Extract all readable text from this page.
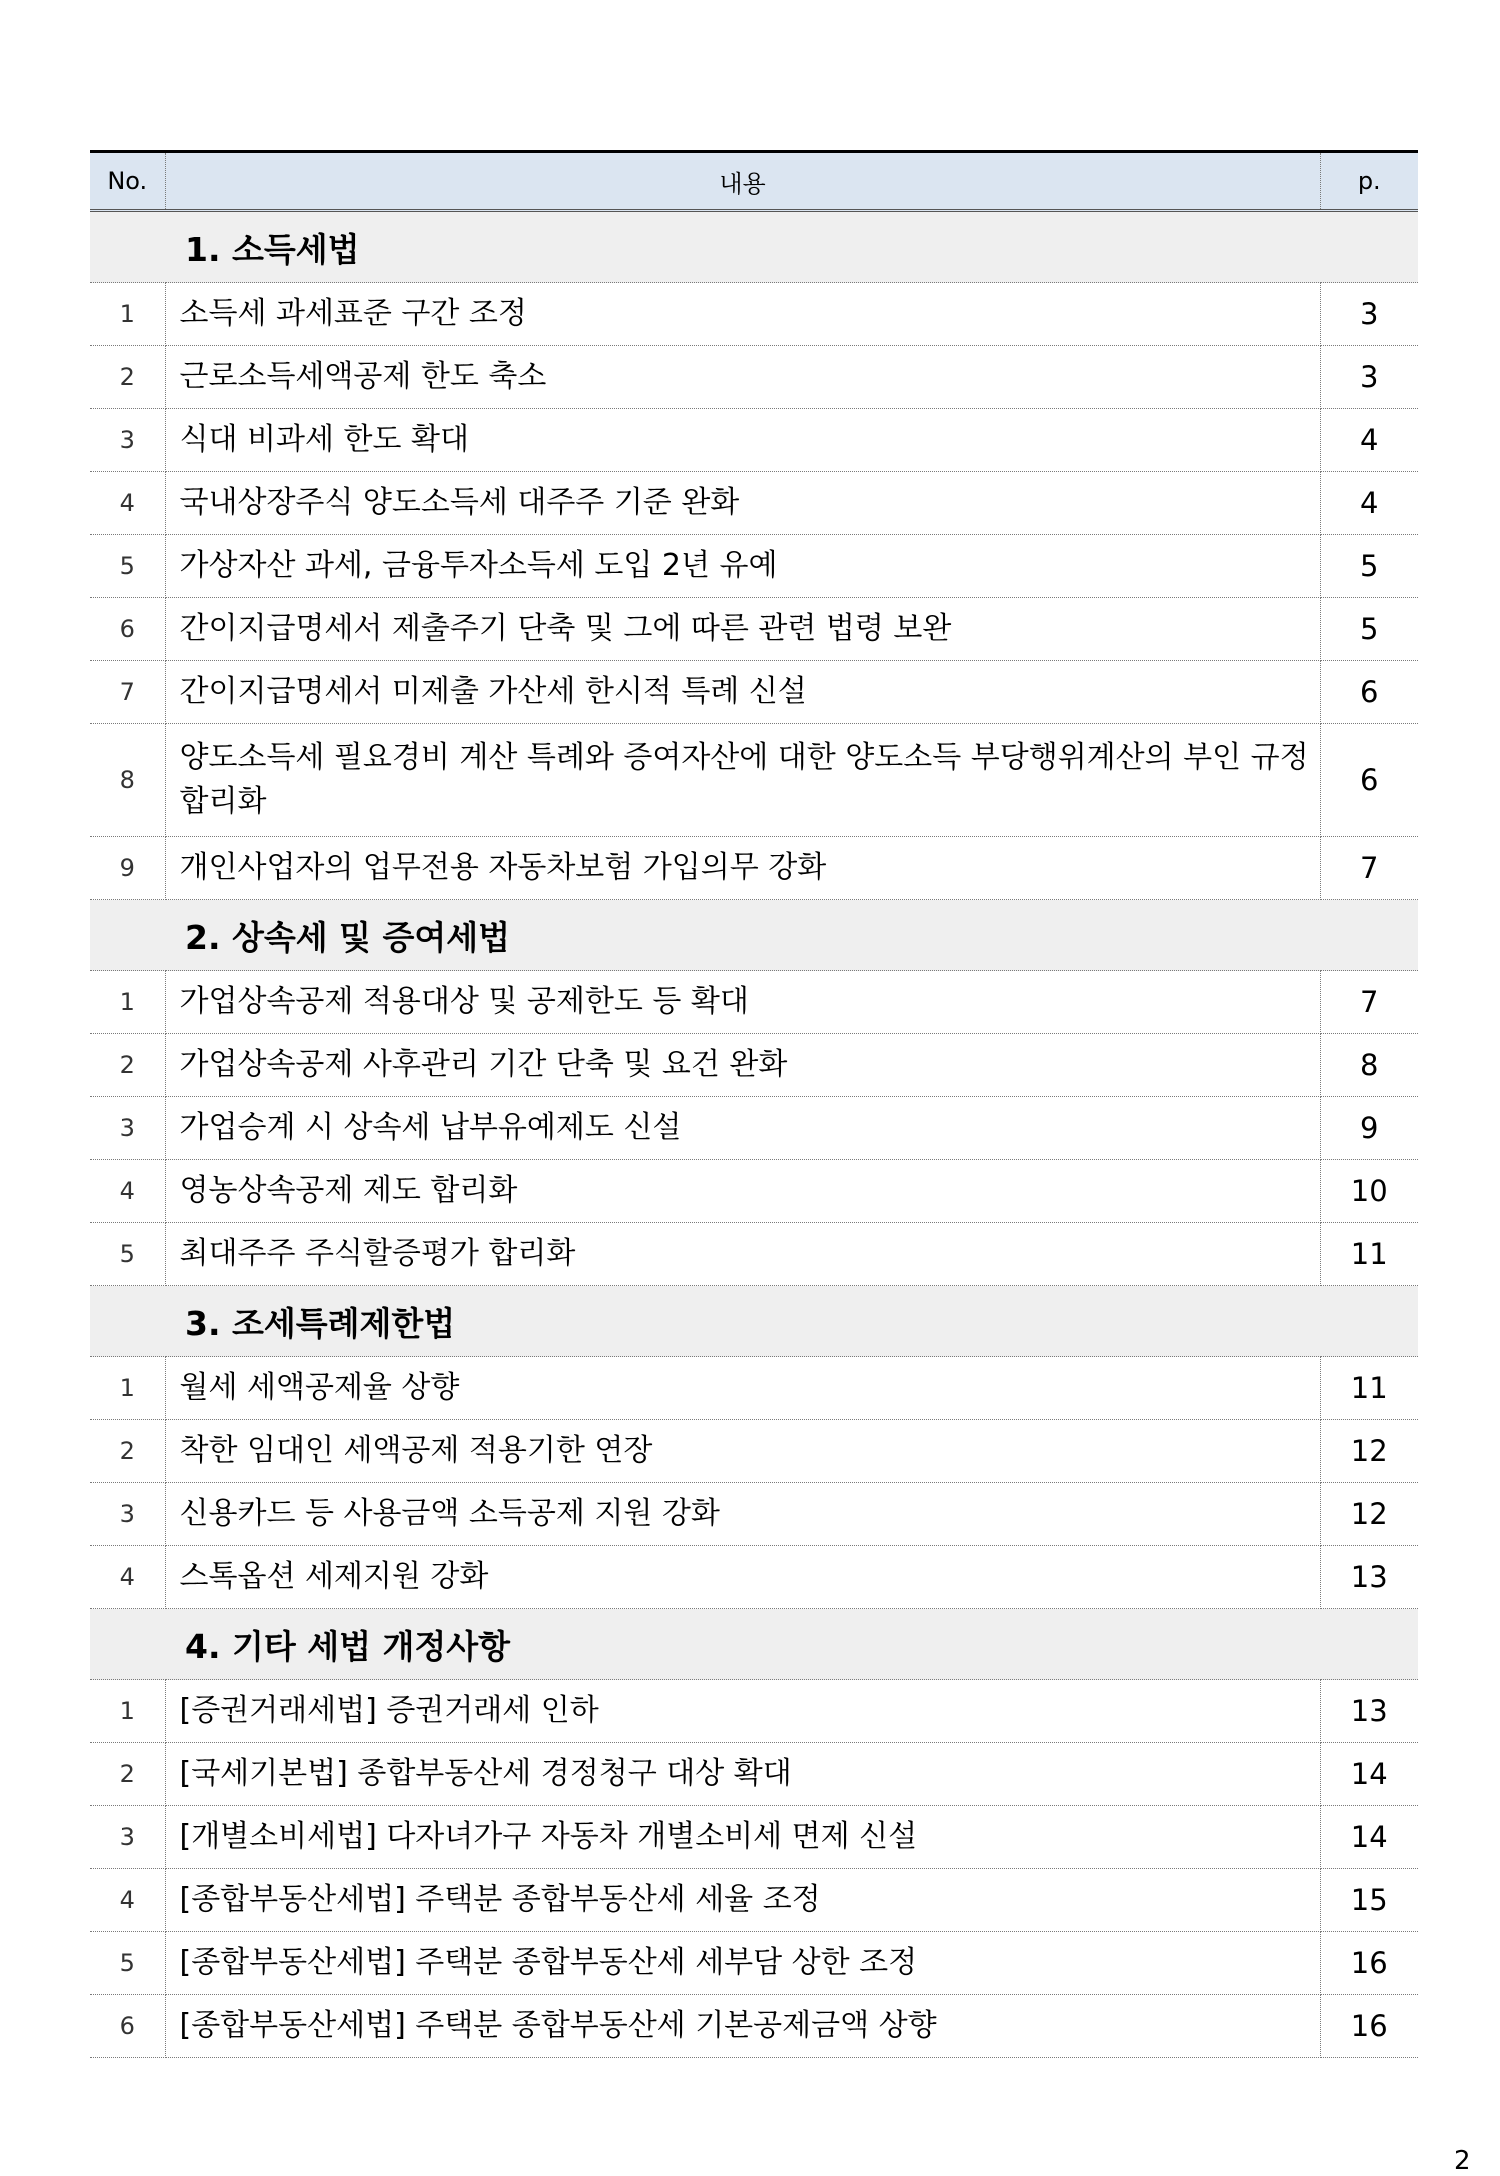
No.	내용	p.
1. 소득세법		
1	소득세 과세표준 구간 조정	3
2	근로소득세액공제 한도 축소	3
3	식대 비과세 한도 확대	4
4	국내상장주식 양도소득세 대주주 기준 완화	4
5	가상자산 과세, 금융투자소득세 도입 2년 유예	5
6	간이지급명세서 제출주기 단축 및 그에 따른 관련 법령 보완	5
7	간이지급명세서 미제출 가산세 한시적 특례 신설	6
8	양도소득세 필요경비 계산 특례와 증여자산에 대한 양도소득 부당행위계산의 부인 규정 합리화	6
9	개인사업자의 업무전용 자동차보험 가입의무 강화	7
2. 상속세 및 증여세법		
1	가업상속공제 적용대상 및 공제한도 등 확대	7
2	가업상속공제 사후관리 기간 단축 및 요건 완화	8
3	가업승계 시 상속세 납부유예제도 신설	9
4	영농상속공제 제도 합리화	10
5	최대주주 주식할증평가 합리화	11
3. 조세특례제한법		
1	월세 세액공제율 상향	11
2	착한 임대인 세액공제 적용기한 연장	12
3	신용카드 등 사용금액 소득공제 지원 강화	12
4	스톡옵션 세제지원 강화	13
4. 기타 세법 개정사항		
1	[증권거래세법] 증권거래세 인하	13
2	[국세기본법] 종합부동산세 경정청구 대상 확대	14
3	[개별소비세법] 다자녀가구 자동차 개별소비세 면제 신설	14
4	[종합부동산세법] 주택분 종합부동산세 세율 조정	15
5	[종합부동산세법] 주택분 종합부동산세 세부담 상한 조정	16
6	[종합부동산세법] 주택분 종합부동산세 기본공제금액 상향	16
2
